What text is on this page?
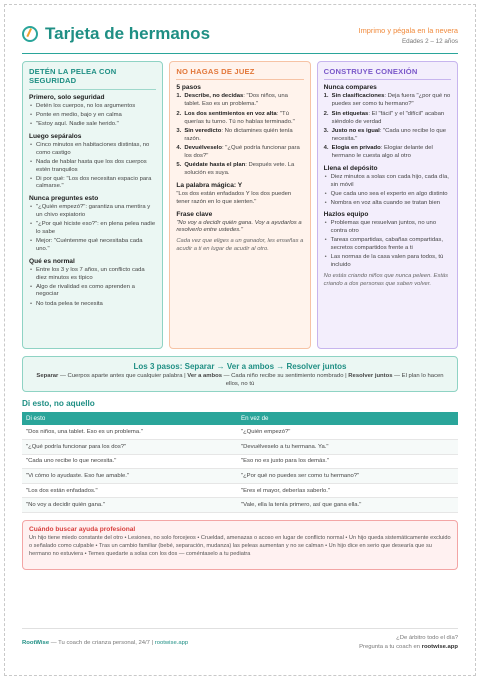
Tarjeta de hermanos	Imprimo y pégala en la nevera
Edades 2 – 12 años
DETÉN LA PELEA CON SEGURIDAD
Primero, solo seguridad
• Detén los cuerpos, no los argumentos
• Ponte en medio, bajo y en calma
• "Estoy aquí. Nadie sale herido."
Luego sepáralos
• Cinco minutos en habitaciones distintas, no como castigo
• Nada de hablar hasta que los dos cuerpos estén tranquilos
• Di por qué: "Los dos necesitan espacio para calmarse."
Nunca preguntes esto
• "¿Quién empezó?": garantiza una mentira y un chivo expiatorio
• "¿Por qué hiciste eso?": en plena pelea nadie lo sabe
• Mejor: "Cuéntenme qué necesitaba cada uno."
Qué es normal
• Entre los 3 y los 7 años, un conflicto cada diez minutos es típico
• Algo de rivalidad es como aprenden a negociar
• No toda pelea te necesita
NO HAGAS DE JUEZ
5 pasos
1. Describe, no decidas: "Dos niños, una tablet. Eso es un problema."
2. Los dos sentimientos en voz alta: "Tú querías tu turno. Tú no habías terminado."
3. Sin veredicto: No dictamines quién tenía razón.
4. Devuélveselo: "¿Qué podría funcionar para los dos?"
5. Quédate hasta el plan: Después vete. La solución es suya.
La palabra mágica: Y
"Los dos están enfadados Y los dos pueden tener razón en lo que sienten."
Frase clave
"No voy a decidir quién gana. Voy a ayudarlos a resolverlo entre ustedes."
Cada vez que eliges a un ganador, les enseñas a acudir a ti en lugar de acudir al otro.
CONSTRUYE CONEXIÓN
Nunca compares
1. Sin clasificaciones: Deja fuera "¿por qué no puedes ser como tu hermano?"
2. Sin etiquetas: El "fácil" y el "difícil" acaban siéndolo de verdad
3. Justo no es igual: "Cada uno recibe lo que necesita."
4. Elogia en privado: Elogiar delante del hermano le cuesta algo al otro
Llena el depósito
• Diez minutos a solas con cada hijo, cada día, sin móvil
• Que cada uno sea el experto en algo distinto
• Nombra en voz alta cuando se tratan bien
Hazlos equipo
• Problemas que resuelvan juntos, no uno contra otro
• Tareas compartidas, cabañas compartidas, secretos compartidos frente a ti
• Las normas de la casa valen para todos, tú incluido
No estás criando niños que nunca peleen. Estás criando a dos personas que saben volver.
Los 3 pasos: Separar → Ver a ambos → Resolver juntos
Separar — Cuerpos aparte antes que cualquier palabra | Ver a ambos — Cada niño recibe su sentimiento nombrado | Resolver juntos — El plan lo hacen ellos, no tú
Di esto, no aquello
Di esto	En vez de
"Dos niños, una tablet. Eso es un problema."	"¿Quién empezó?"
"¿Qué podría funcionar para los dos?"	"Devuélveselo a tu hermana. Ya."
"Cada uno recibe lo que necesita."	"Eso no es justo para los demás."
"Vi cómo lo ayudaste. Eso fue amable."	"¿Por qué no puedes ser como tu hermano?"
"Los dos están enfadados."	"Eres el mayor, deberías saberlo."
"No voy a decidir quién gana."	"Vale, ella la tenía primero, así que gana ella."
Cuándo buscar ayuda profesional
Un hijo tiene miedo constante del otro • Lesiones, no solo forcejeos • Crueldad, amenazas o acoso en lugar de conflicto normal • Un hijo queda sistemáticamente excluido o señalado como culpable • Tras un cambio familiar (bebé, separación, mudanza) las peleas aumentan y no se calman • Un hijo dice en serio que desearía que su hermano no estuviera • Temes quedarte a solas con los dos — coméntaselo a tu pediatra
RootWise — Tu coach de crianza personal, 24/7 | rootwise.app
¿De árbitro todo el día?
Pregunta a tu coach en rootwise.app
